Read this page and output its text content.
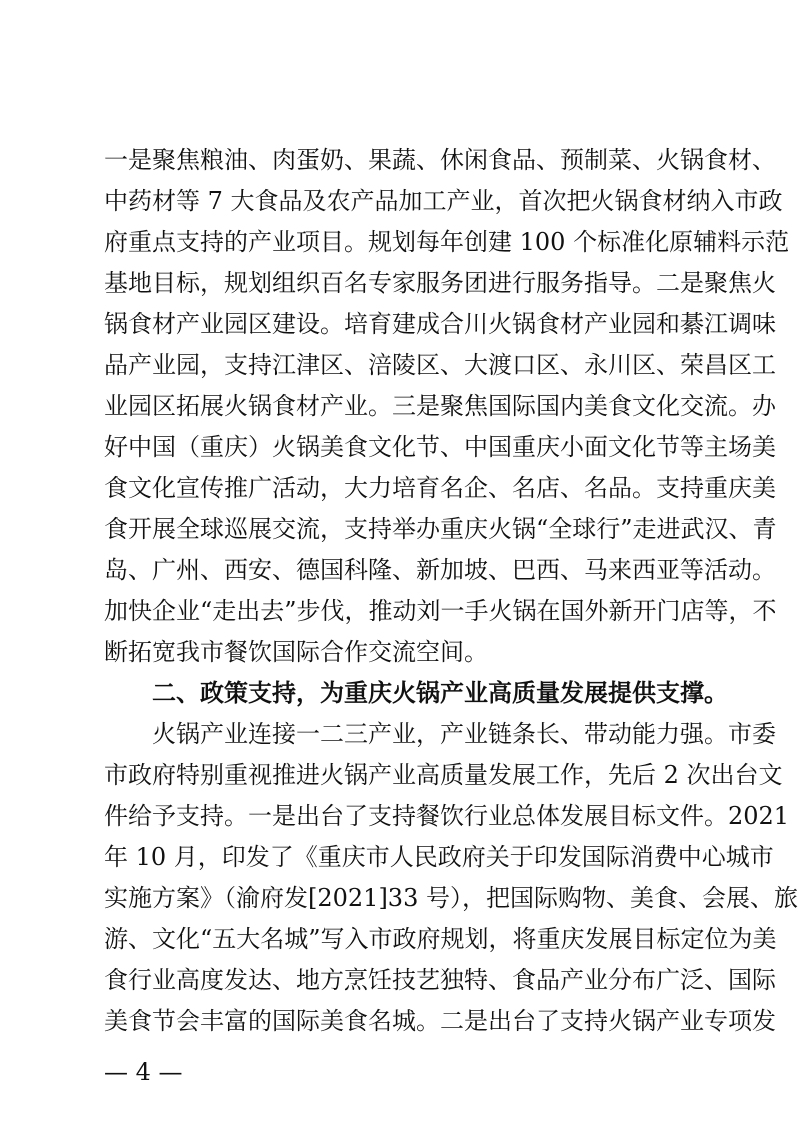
一是聚焦粮油、肉蛋奶、果蔬、休闲食品、预制菜、火锅食材、
中药材等 7 大食品及农产品加工产业，首次把火锅食材纳入市政
府重点支持的产业项目。规划每年创建 100 个标准化原辅料示范
基地目标，规划组织百名专家服务团进行服务指导。二是聚焦火
锅食材产业园区建设。培育建成合川火锅食材产业园和綦江调味
品产业园，支持江津区、涪陵区、大渡口区、永川区、荣昌区工
业园区拓展火锅食材产业。三是聚焦国际国内美食文化交流。办
好中国（重庆）火锅美食文化节、中国重庆小面文化节等主场美
食文化宣传推广活动，大力培育名企、名店、名品。支持重庆美
食开展全球巡展交流，支持举办重庆火锅“全球行”走进武汉、青
岛、广州、西安、德国科隆、新加坡、巴西、马来西亚等活动。
加快企业“走出去”步伐，推动刘一手火锅在国外新开门店等，不
断拓宽我市餐饮国际合作交流空间。
二、政策支持，为重庆火锅产业高质量发展提供支撑。
火锅产业连接一二三产业，产业链条长、带动能力强。市委
市政府特别重视推进火锅产业高质量发展工作，先后 2 次出台文
件给予支持。一是出台了支持餐饮行业总体发展目标文件。2021
年 10 月，印发了《重庆市人民政府关于印发国际消费中心城市
实施方案》（渝府发[2021]33 号），把国际购物、美食、会展、旅
游、文化“五大名城”写入市政府规划，将重庆发展目标定位为美
食行业高度发达、地方烹饪技艺独特、食品产业分布广泛、国际
美食节会丰富的国际美食名城。二是出台了支持火锅产业专项发
— 4 —
